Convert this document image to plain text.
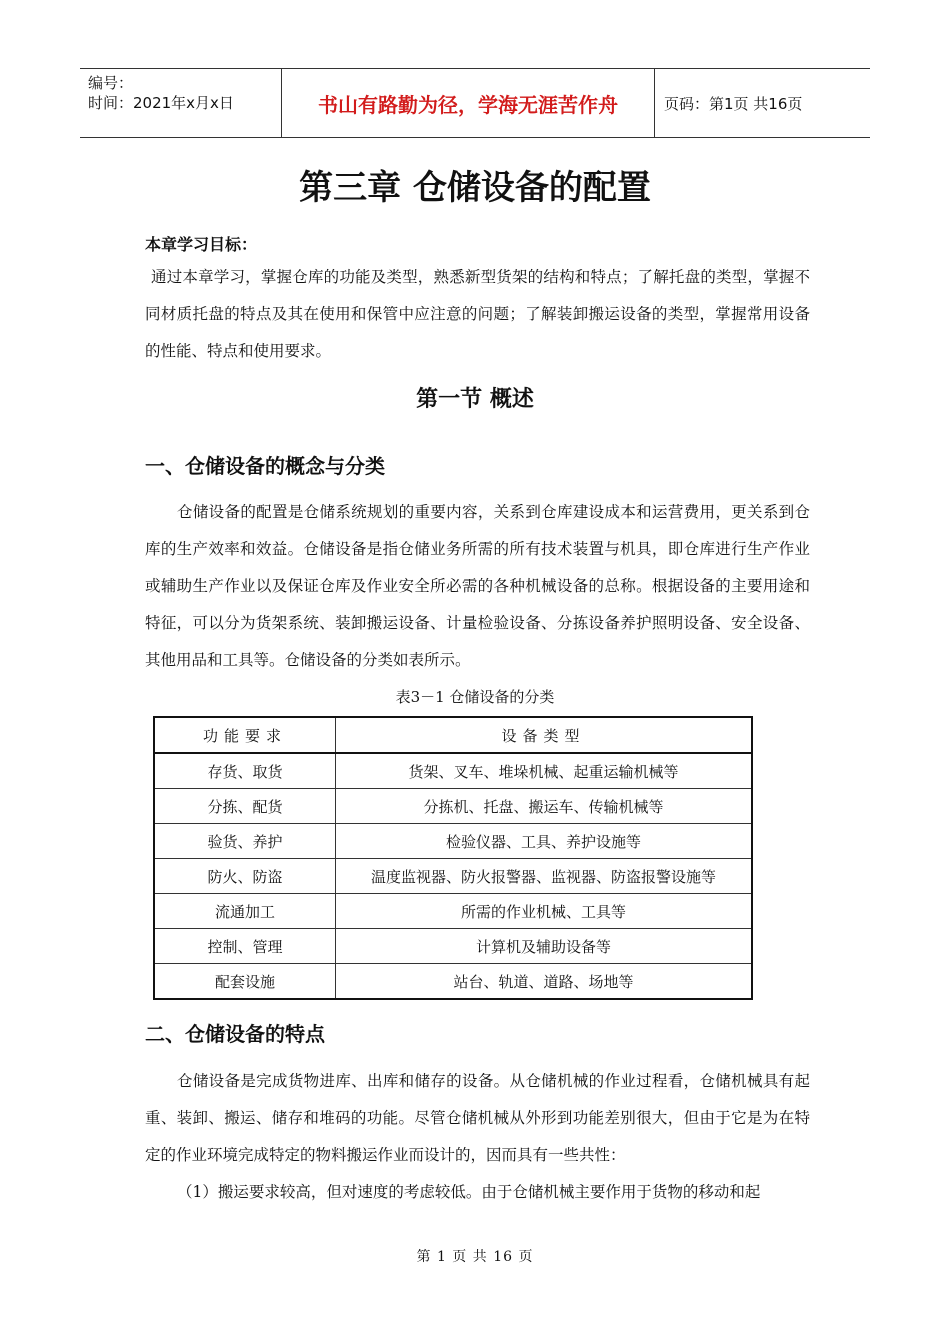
编号：
时间：2021年x月x日	书山有路勤为径，学海无涯苦作舟	页码：第1页 共16页
第三章 仓储设备的配置
本章学习目标：
通过本章学习，掌握仓库的功能及类型，熟悉新型货架的结构和特点；了解托盘的类型，掌握不同材质托盘的特点及其在使用和保管中应注意的问题；了解装卸搬运设备的类型，掌握常用设备的性能、特点和使用要求。
第一节 概述
一、仓储设备的概念与分类
仓储设备的配置是仓储系统规划的重要内容，关系到仓库建设成本和运营费用，更关系到仓库的生产效率和效益。仓储设备是指仓储业务所需的所有技术装置与机具，即仓库进行生产作业或辅助生产作业以及保证仓库及作业安全所必需的各种机械设备的总称。根据设备的主要用途和特征，可以分为货架系统、装卸搬运设备、计量检验设备、分拣设备养护照明设备、安全设备、其他用品和工具等。仓储设备的分类如表所示。
表3－1 仓储设备的分类
功能要求	设备类型
存货、取货	货架、叉车、堆垛机械、起重运输机械等
分拣、配货	分拣机、托盘、搬运车、传输机械等
验货、养护	检验仪器、工具、养护设施等
防火、防盗	温度监视器、防火报警器、监视器、防盗报警设施等
流通加工	所需的作业机械、工具等
控制、管理	计算机及辅助设备等
配套设施	站台、轨道、道路、场地等
二、仓储设备的特点
仓储设备是完成货物进库、出库和储存的设备。从仓储机械的作业过程看，仓储机械具有起重、装卸、搬运、储存和堆码的功能。尽管仓储机械从外形到功能差别很大，但由于它是为在特定的作业环境完成特定的物料搬运作业而设计的，因而具有一些共性：
（1）搬运要求较高，但对速度的考虑较低。由于仓储机械主要作用于货物的移动和起
第 1 页 共 16 页
